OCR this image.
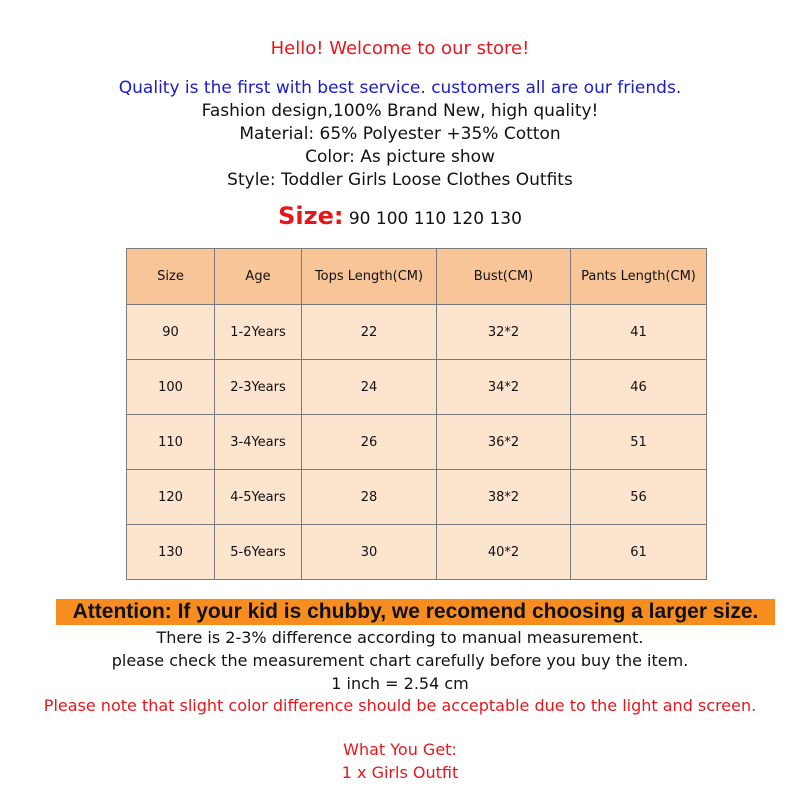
Hello! Welcome to our store!
Quality is the first with best service. customers all are our friends.
Fashion design,100% Brand New, high quality!
Material: 65% Polyester +35% Cotton
Color: As picture show
Style: Toddler Girls Loose Clothes Outfits
Size: 90 100 110 120 130
Size	Age	Tops Length(CM)	Bust(CM)	Pants Length(CM)
90	1-2Years	22	32*2	41
100	2-3Years	24	34*2	46
110	3-4Years	26	36*2	51
120	4-5Years	28	38*2	56
130	5-6Years	30	40*2	61
Attention: If your kid is chubby, we recomend choosing a larger size.
There is 2-3% difference according to manual measurement.
please check the measurement chart carefully before you buy the item.
1 inch = 2.54 cm
Please note that slight color difference should be acceptable due to the light and screen.
What You Get:
1 x Girls Outfit
